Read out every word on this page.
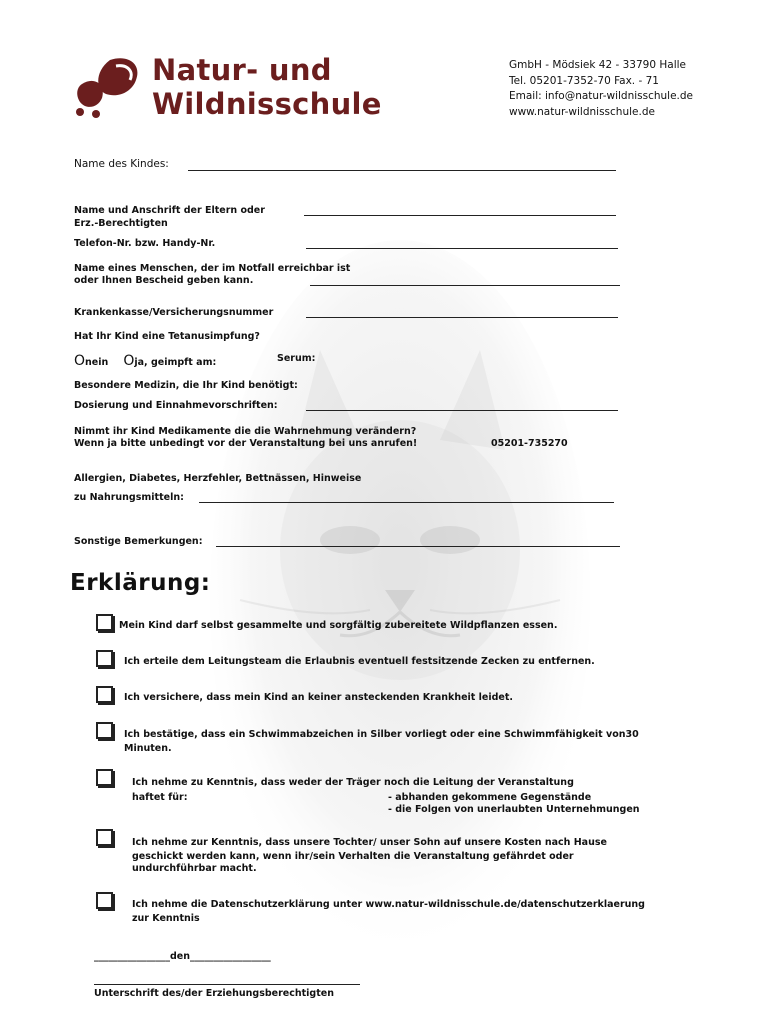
Natur- und
Wildnisschule
GmbH - Mödsiek 42 - 33790 Halle
Tel. 05201-7352-70 Fax. - 71
Email: info@natur-wildnisschule.de
www.natur-wildnisschule.de
Name des Kindes:
Name und Anschrift der Eltern oder
Erz.-Berechtigten
Telefon-Nr. bzw. Handy-Nr.
Name eines Menschen, der im Notfall erreichbar ist
oder Ihnen Bescheid geben kann.
Krankenkasse/Versicherungsnummer
Hat Ihr Kind eine Tetanusimpfung?
Onein Oja, geimpft am:	Serum:
Besondere Medizin, die Ihr Kind benötigt:
Dosierung und Einnahmevorschriften:
Nimmt ihr Kind Medikamente die die Wahrnehmung verändern?
Wenn ja bitte unbedingt vor der Veranstaltung bei uns anrufen!	05201-735270
Allergien, Diabetes, Herzfehler, Bettnässen, Hinweise
zu Nahrungsmitteln:
Sonstige Bemerkungen:
Erklärung:
Mein Kind darf selbst gesammelte und sorgfältig zubereitete Wildpflanzen essen.
Ich erteile dem Leitungsteam die Erlaubnis eventuell festsitzende Zecken zu entfernen.
Ich versichere, dass mein Kind an keiner ansteckenden Krankheit leidet.
Ich bestätige, dass ein Schwimmabzeichen in Silber vorliegt oder eine Schwimmfähigkeit von30
Minuten.
Ich nehme zu Kenntnis, dass weder der Träger noch die Leitung der Veranstaltung
haftet für:	- abhanden gekommene Gegenstände
- die Folgen von unerlaubten Unternehmungen
Ich nehme zur Kenntnis, dass unsere Tochter/ unser Sohn auf unsere Kosten nach Hause
geschickt werden kann, wenn ihr/sein Verhalten die Veranstaltung gefährdet oder
undurchführbar macht.
Ich nehme die Datenschutzerklärung unter www.natur-wildnisschule.de/datenschutzerklaerung
zur Kenntnis
________________den_________________
Unterschrift des/der Erziehungsberechtigten
